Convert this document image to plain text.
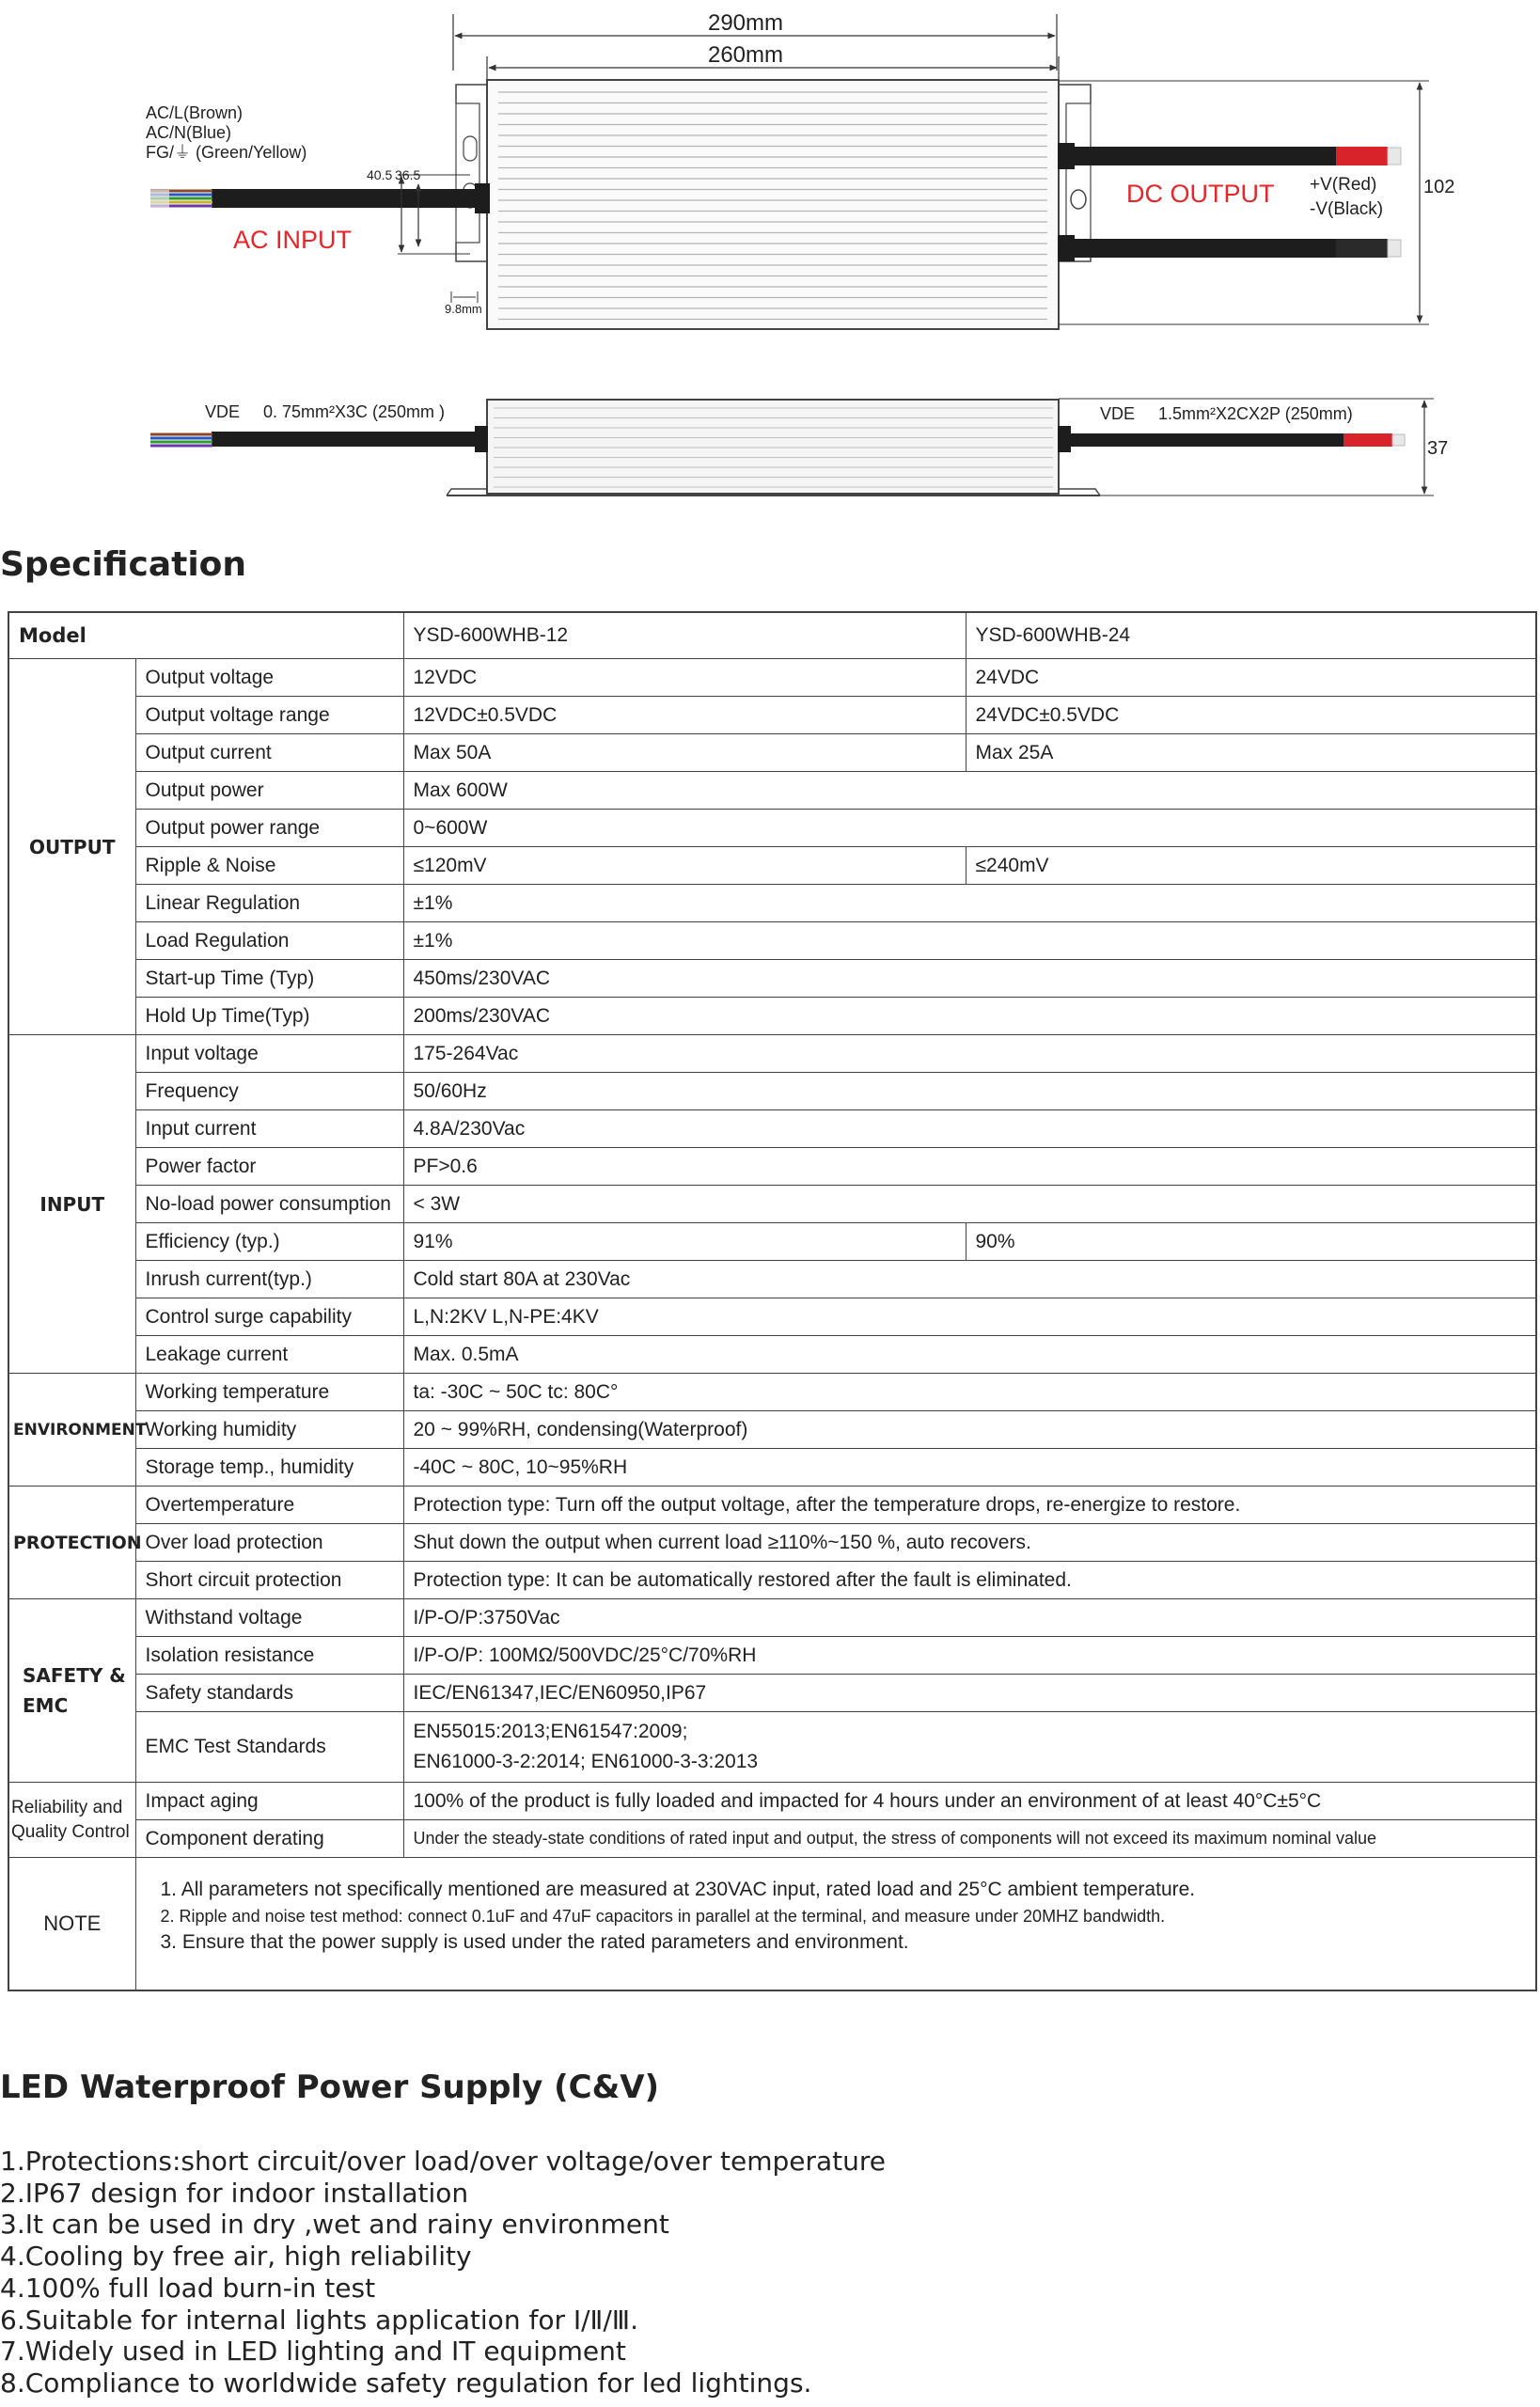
290mm
260mm
40.5 36.5
9.8mm
AC/L(Brown)
AC/N(Blue)
FG/⏚ (Green/Yellow)
AC INPUT
DC OUTPUT +V(Red)
-V(Black)
102
VDE 0. 75mm²X3C (250mm )	VDE 1.5mm²X2CX2P (250mm)
37
Specification
Model		YSD-600WHB-12	YSD-600WHB-24
OUTPUT	Output voltage	12VDC	24VDC
	Output voltage range	12VDC±0.5VDC	24VDC±0.5VDC
	Output current	Max 50A	Max 25A
	Output power	Max 600W	
	Output power range	0~600W	
	Ripple & Noise	≤120mV	≤240mV
	Linear Regulation	±1%	
	Load Regulation	±1%	
	Start-up Time (Typ)	450ms/230VAC	
	Hold Up Time(Typ)	200ms/230VAC	
INPUT	Input voltage	175-264Vac	
	Frequency	50/60Hz	
	Input current	4.8A/230Vac	
	Power factor	PF>0.6	
	No-load power consumption	< 3W	
	Efficiency (typ.)	91%	90%
	Inrush current(typ.)	Cold start 80A at 230Vac	
	Control surge capability	L,N:2KV L,N-PE:4KV	
	Leakage current	Max. 0.5mA	
ENVIRONMENT	Working temperature	ta: -30C ~ 50C tc: 80C°	
	Working humidity	20 ~ 99%RH, condensing(Waterproof)	
	Storage temp., humidity	-40C ~ 80C, 10~95%RH	
PROTECTION	Overtemperature	Protection type: Turn off the output voltage, after the temperature drops, re-energize to restore.	
	Over load protection	Shut down the output when current load ≥110%~150 %, auto recovers.	
	Short circuit protection	Protection type: It can be automatically restored after the fault is eliminated.	

SAFETY &
EMC	Withstand voltage	I/P-O/P:3750Vac	
	Isolation resistance	I/P-O/P: 100MΩ/500VDC/25°C/70%RH	
	Safety standards	IEC/EN61347,IEC/EN60950,IP67	
	EMC Test Standards	EN55015:2013;EN61547:2009;
EN61000-3-2:2014; EN61000-3-3:2013	

Reliability and
Quality Control	Impact aging	100% of the product is fully loaded and impacted for 4 hours under an environment of at least 40°C±5°C	
	Component derating	Under the steady-state conditions of rated input and output, the stress of components will not exceed its maximum nominal value	
NOTE	1. All parameters not specifically mentioned are measured at 230VAC input, rated load and 25°C ambient temperature.
2. Ripple and noise test method: connect 0.1uF and 47uF capacitors in parallel at the terminal, and measure under 20MHZ bandwidth.
3. Ensure that the power supply is used under the rated parameters and environment.		
LED Waterproof Power Supply (C&V)
1.Protections:short circuit/over load/over voltage/over temperature
2.IP67 design for indoor installation
3.It can be used in dry ,wet and rainy environment
4.Cooling by free air, high reliability
4.100% full load burn-in test
6.Suitable for internal lights application for Ⅰ/Ⅱ/Ⅲ.
7.Widely used in LED lighting and IT equipment
8.Compliance to worldwide safety regulation for led lightings.
